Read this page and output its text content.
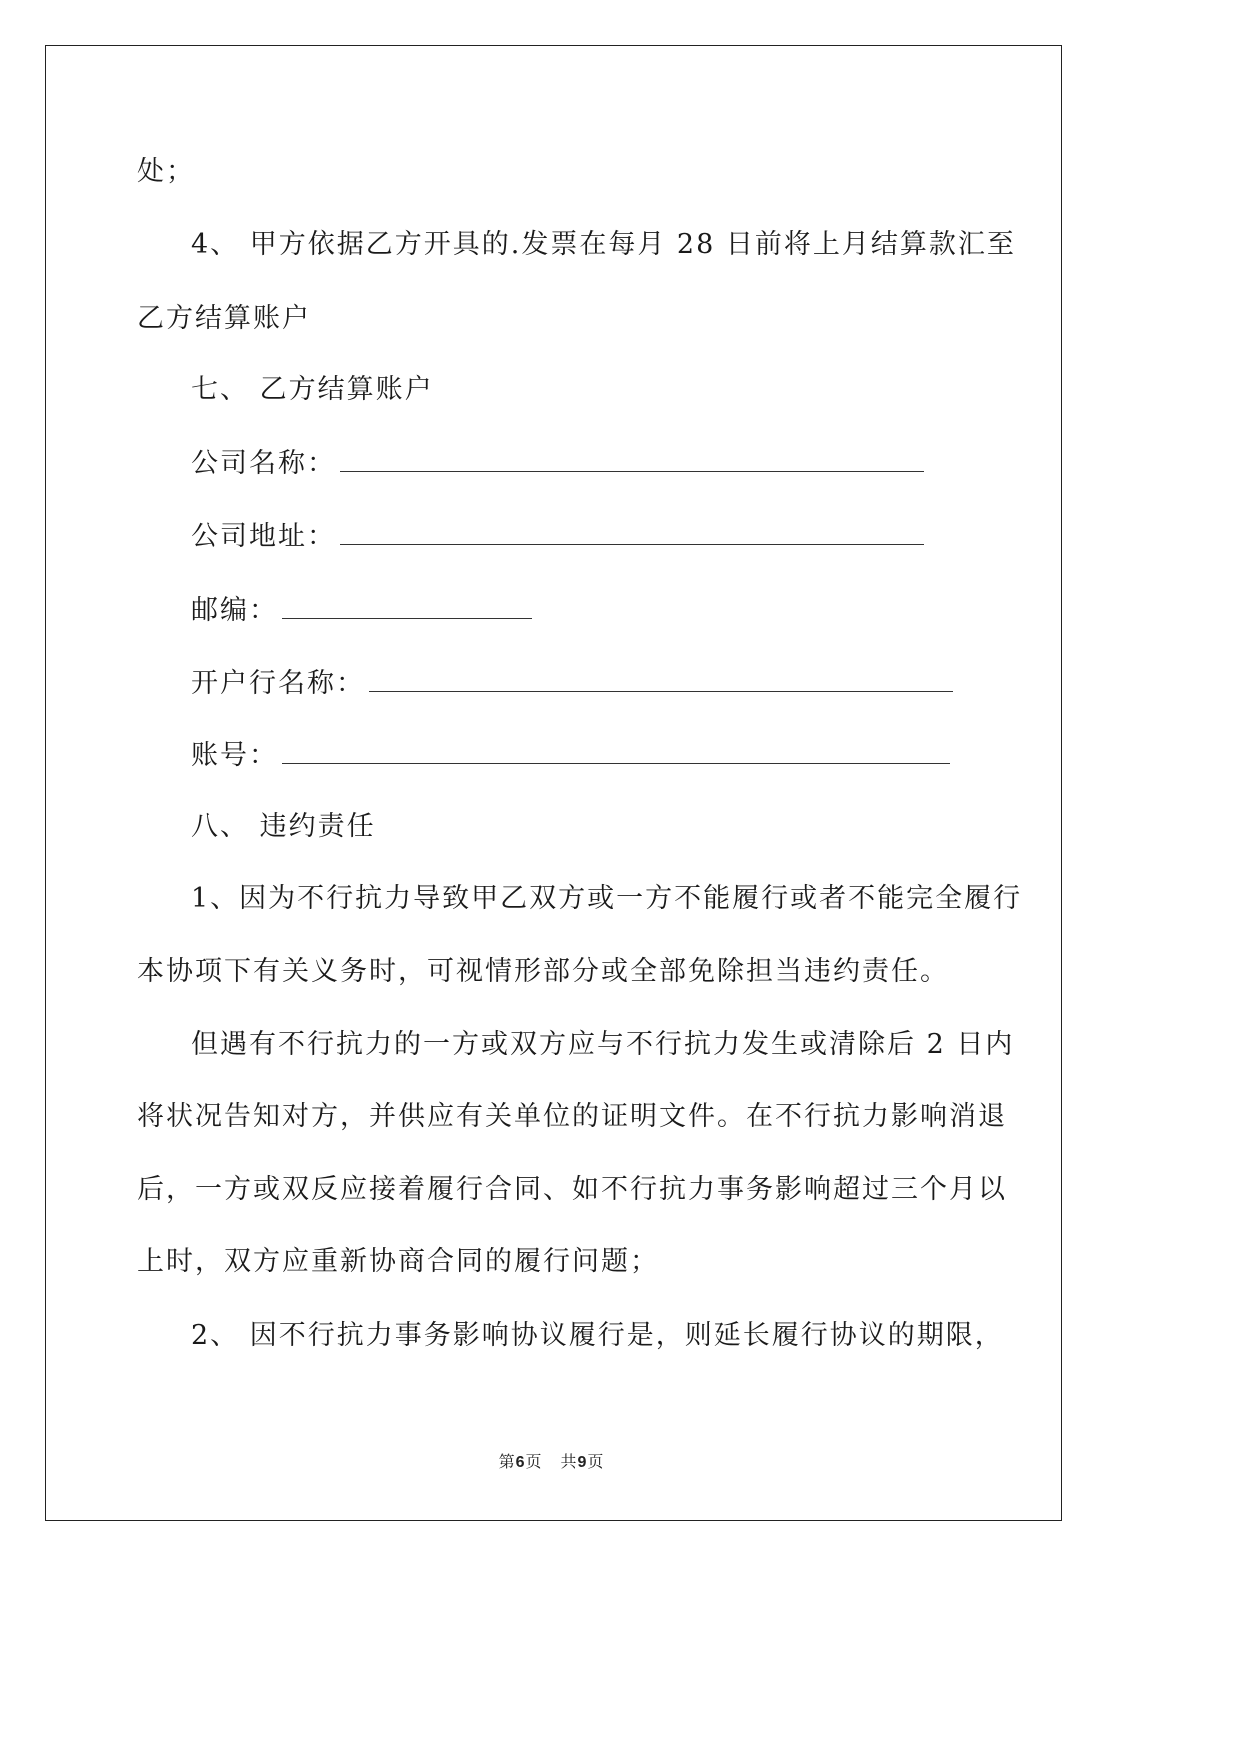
处；
4、 甲方依据乙方开具的.发票在每月 28 日前将上月结算款汇至
乙方结算账户
七、 乙方结算账户
公司名称：
公司地址：
邮编：
开户行名称：
账号：
八、 违约责任
1、因为不行抗力导致甲乙双方或一方不能履行或者不能完全履行
本协项下有关义务时，可视情形部分或全部免除担当违约责任。
但遇有不行抗力的一方或双方应与不行抗力发生或清除后 2 日内
将状况告知对方，并供应有关单位的证明文件。在不行抗力影响消退
后，一方或双反应接着履行合同、如不行抗力事务影响超过三个月以
上时，双方应重新协商合同的履行问题；
2、 因不行抗力事务影响协议履行是，则延长履行协议的期限，
第6页 共9页
